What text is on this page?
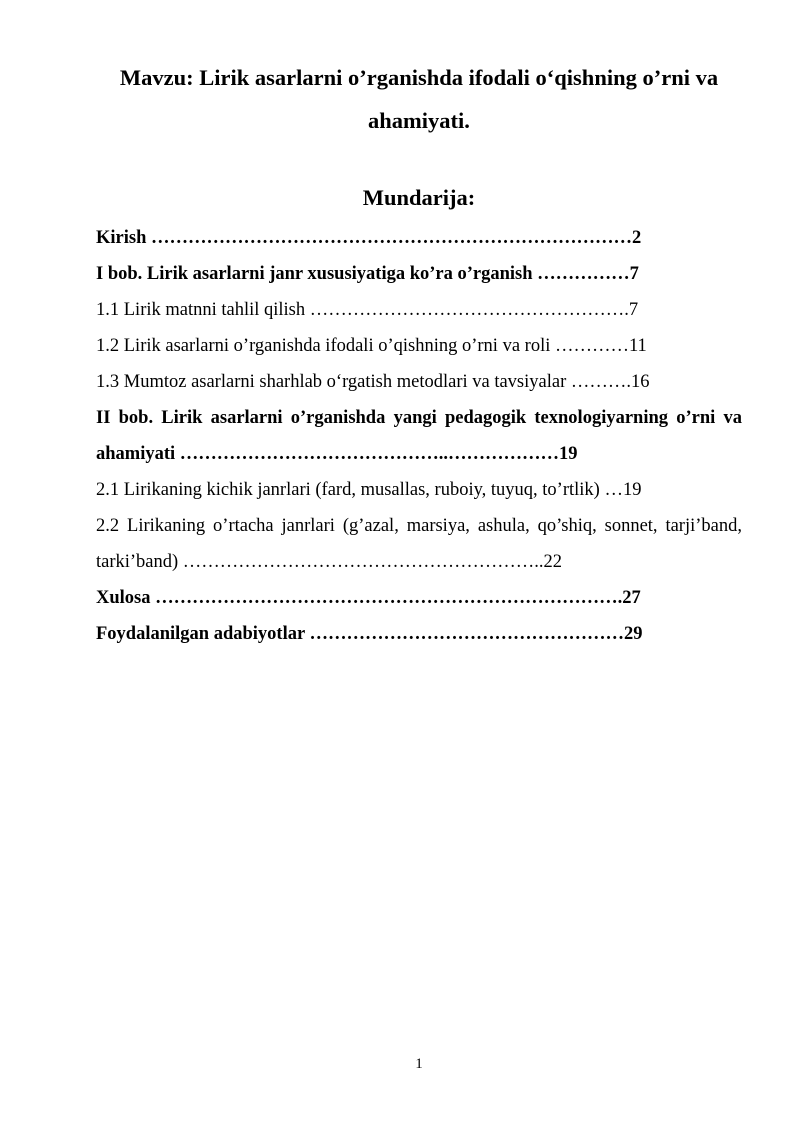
Mavzu: Lirik asarlarni o’rganishda ifodali o‘qishning o’rni va ahamiyati.
Mundarija:
Kirish ……………………………………………………………………2
I bob. Lirik asarlarni janr xususiyatiga ko’ra o’rganish ……………7
1.1 Lirik matnni tahlil qilish …………………………………………….7
1.2 Lirik asarlarni o’rganishda ifodali o’qishning o’rni va roli …………11
1.3 Mumtoz asarlarni sharhlab o‘rgatish metodlari va tavsiyalar ……….16
II bob. Lirik asarlarni o’rganishda yangi pedagogik texnologiyarning o’rni va ahamiyati ……………………………………..………………19
2.1 Lirikaning kichik janrlari (fard, musallas, ruboiy, tuyuq, to’rtlik) …19
2.2 Lirikaning o’rtacha janrlari (g’azal, marsiya, ashula, qo’shiq, sonnet, tarji’band, tarki’band) …………………………………………………..22
Xulosa ………………………………………………………………….27
Foydalanilgan adabiyotlar ……………………………………………29
1
